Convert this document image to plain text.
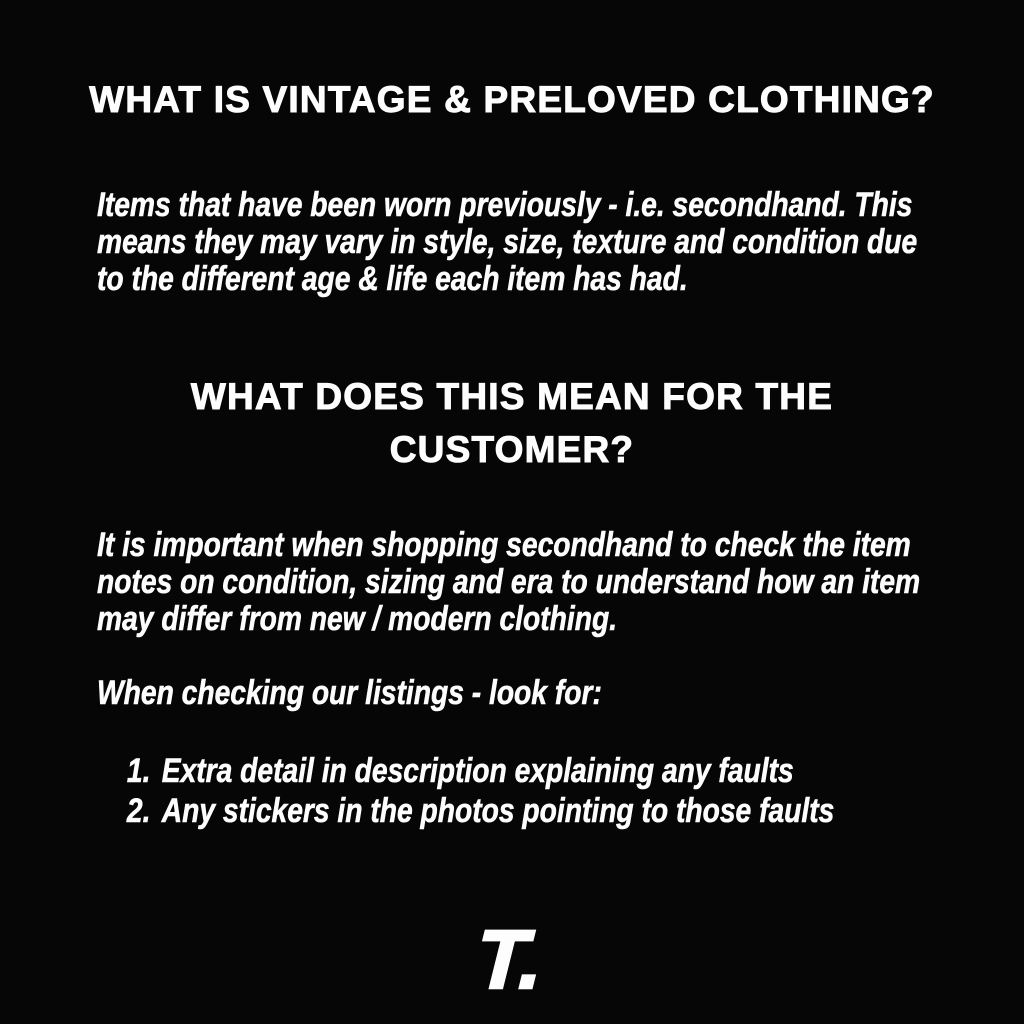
WHAT IS VINTAGE & PRELOVED CLOTHING?
Items that have been worn previously - i.e. secondhand. This
means they may vary in style, size, texture and condition due
to the different age & life each item has had.
WHAT DOES THIS MEAN FOR THE
CUSTOMER?
It is important when shopping secondhand to check the item
notes on condition, sizing and era to understand how an item
may differ from new / modern clothing.
When checking our listings - look for:
1. Extra detail in description explaining any faults
2. Any stickers in the photos pointing to those faults
T.
